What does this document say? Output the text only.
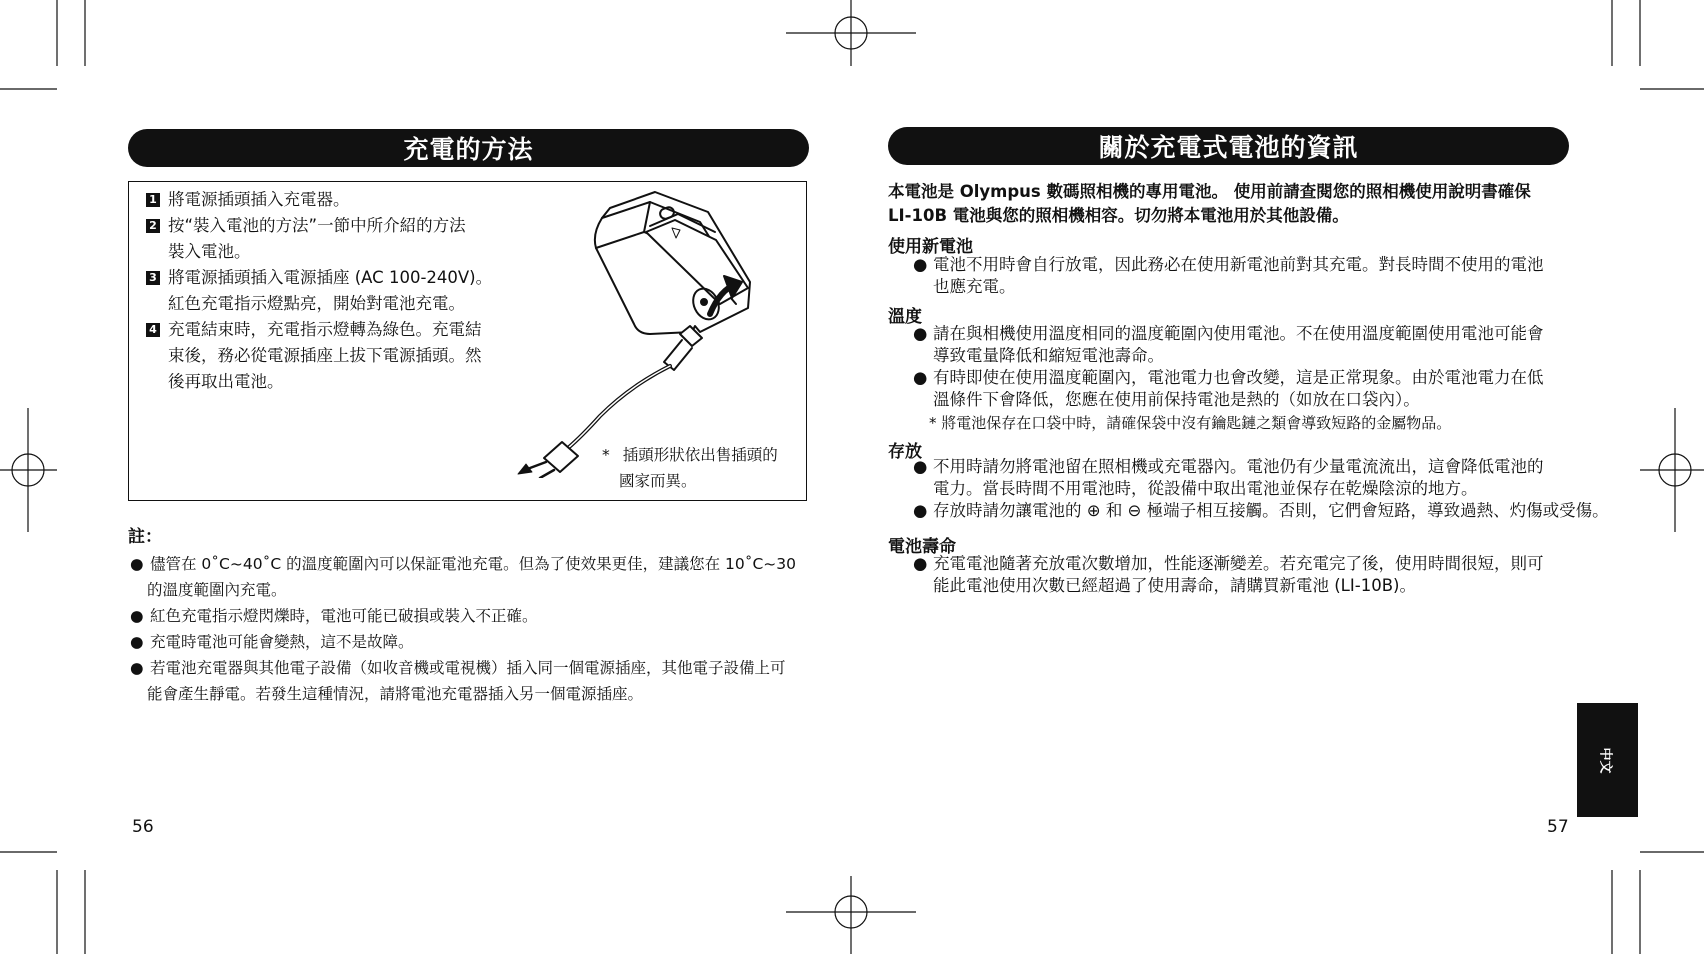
充電的方法
1 將電源插頭插入充電器。
2 按“裝入電池的方法”一節中所介紹的方法
裝入電池。
3 將電源插頭插入電源插座 (AC 100-240V)。
紅色充電指示燈點亮，開始對電池充電。
4 充電結束時，充電指示燈轉為綠色。充電結
束後，務必從電源插座上拔下電源插頭。然
後再取出電池。
* 插頭形狀依出售插頭的
國家而異。
註：
● 儘管在 0˚C~40˚C 的溫度範圍內可以保証電池充電。但為了使效果更佳，建議您在 10˚C~30
的溫度範圍內充電。
● 紅色充電指示燈閃爍時，電池可能已破損或裝入不正確。
● 充電時電池可能會變熱，這不是故障。
● 若電池充電器與其他電子設備（如收音機或電視機）插入同一個電源插座，其他電子設備上可
能會產生靜電。若發生這種情況，請將電池充電器插入另一個電源插座。
56
關於充電式電池的資訊
本電池是 Olympus 數碼照相機的專用電池。 使用前請查閱您的照相機使用說明書確保
LI-10B 電池與您的照相機相容。切勿將本電池用於其他設備。
使用新電池
● 電池不用時會自行放電，因此務必在使用新電池前對其充電。對長時間不使用的電池
也應充電。
溫度
● 請在與相機使用溫度相同的溫度範圍內使用電池。不在使用溫度範圍使用電池可能會
導致電量降低和縮短電池壽命。
● 有時即使在使用溫度範圍內，電池電力也會改變，這是正常現象。由於電池電力在低
溫條件下會降低，您應在使用前保持電池是熱的（如放在口袋內）。
* 將電池保存在口袋中時，請確保袋中沒有鑰匙鏈之類會導致短路的金屬物品。
存放
● 不用時請勿將電池留在照相機或充電器內。電池仍有少量電流流出，這會降低電池的
電力。當長時間不用電池時，從設備中取出電池並保存在乾燥陰涼的地方。
● 存放時請勿讓電池的 ⊕ 和 ⊖ 極端子相互接觸。否則，它們會短路，導致過熱、灼傷或受傷。
電池壽命
● 充電電池隨著充放電次數增加，性能逐漸變差。若充電完了後，使用時間很短，則可
能此電池使用次數已經超過了使用壽命，請購買新電池 (LI-10B)。
57
中文
